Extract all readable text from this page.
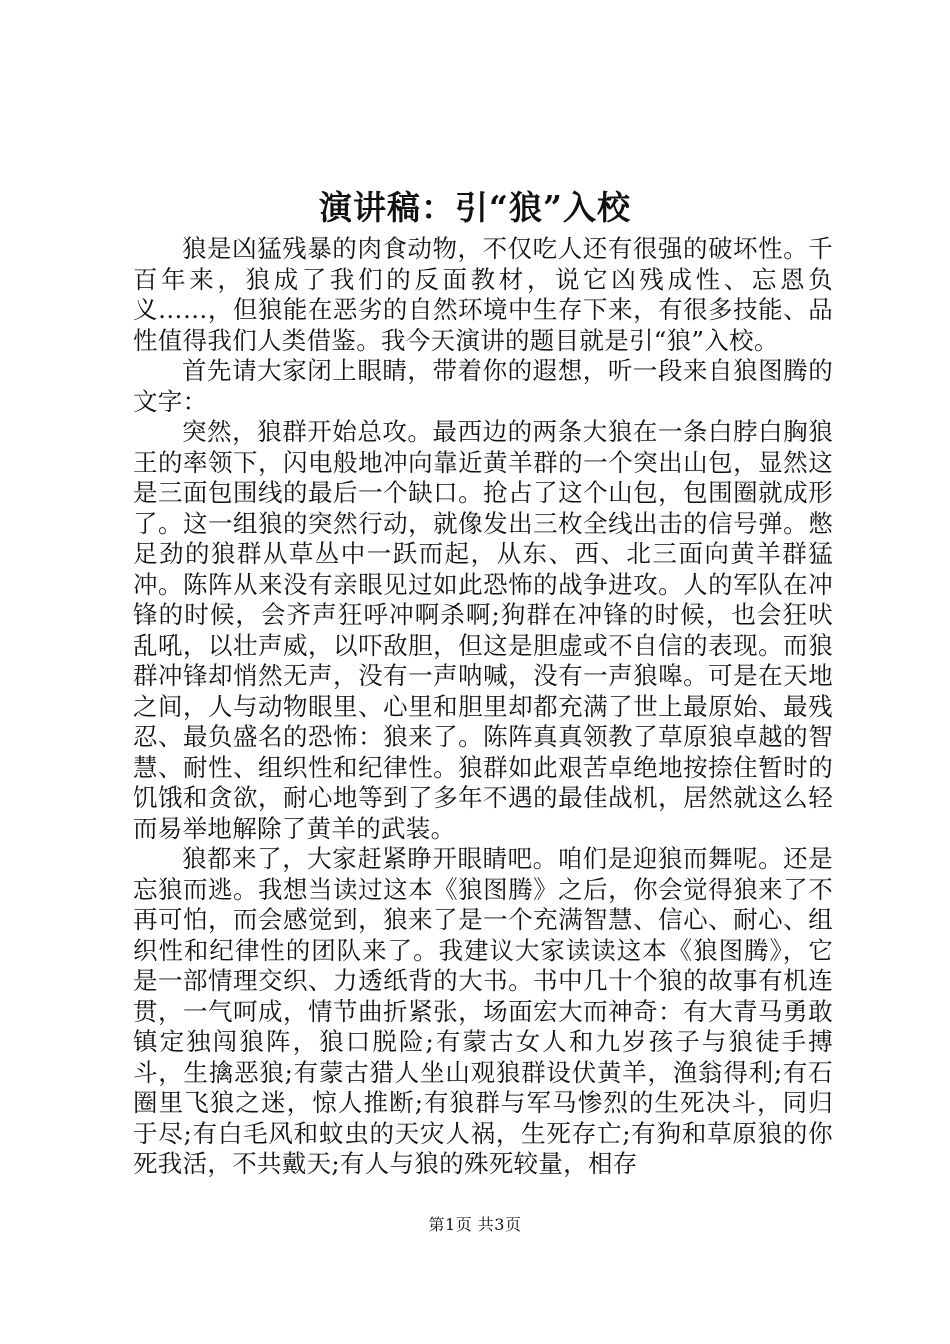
演讲稿：引“狼”入校

狼是凶猛残暴的肉食动物，不仅吃人还有很强的破坏性。千百年来，狼成了我们的反面教材，说它凶残成性、忘恩负义……，但狼能在恶劣的自然环境中生存下来，有很多技能、品性值得我们人类借鉴。我今天演讲的题目就是引“狼”入校。

首先请大家闭上眼睛，带着你的遐想，听一段来自狼图腾的文字：

突然，狼群开始总攻。最西边的两条大狼在一条白脖白胸狼王的率领下，闪电般地冲向靠近黄羊群的一个突出山包，显然这是三面包围线的最后一个缺口。抢占了这个山包，包围圈就成形了。这一组狼的突然行动，就像发出三枚全线出击的信号弹。憋足劲的狼群从草丛中一跃而起，从东、西、北三面向黄羊群猛冲。陈阵从来没有亲眼见过如此恐怖的战争进攻。人的军队在冲锋的时候，会齐声狂呼冲啊杀啊;狗群在冲锋的时候，也会狂吠乱吼，以壮声威，以吓敌胆，但这是胆虚或不自信的表现。而狼群冲锋却悄然无声，没有一声呐喊，没有一声狼嗥。可是在天地之间，人与动物眼里、心里和胆里却都充满了世上最原始、最残忍、最负盛名的恐怖：狼来了。陈阵真真领教了草原狼卓越的智慧、耐性、组织性和纪律性。狼群如此艰苦卓绝地按捺住暂时的饥饿和贪欲，耐心地等到了多年不遇的最佳战机，居然就这么轻而易举地解除了黄羊的武装。

狼都来了，大家赶紧睁开眼睛吧。咱们是迎狼而舞呢。还是忘狼而逃。我想当读过这本《狼图腾》之后，你会觉得狼来了不再可怕，而会感觉到，狼来了是一个充满智慧、信心、耐心、组织性和纪律性的团队来了。我建议大家读读这本《狼图腾》，它是一部情理交织、力透纸背的大书。书中几十个狼的故事有机连贯，一气呵成，情节曲折紧张，场面宏大而神奇：有大青马勇敢镇定独闯狼阵，狼口脱险;有蒙古女人和九岁孩子与狼徒手搏斗，生擒恶狼;有蒙古猎人坐山观狼群设伏黄羊，渔翁得利;有石圈里飞狼之迷，惊人推断;有狼群与军马惨烈的生死决斗，同归于尽;有白毛风和蚊虫的天灾人祸，生死存亡;有狗和草原狼的你死我活，不共戴天;有人与狼的殊死较量，相存

第1页 共3页
